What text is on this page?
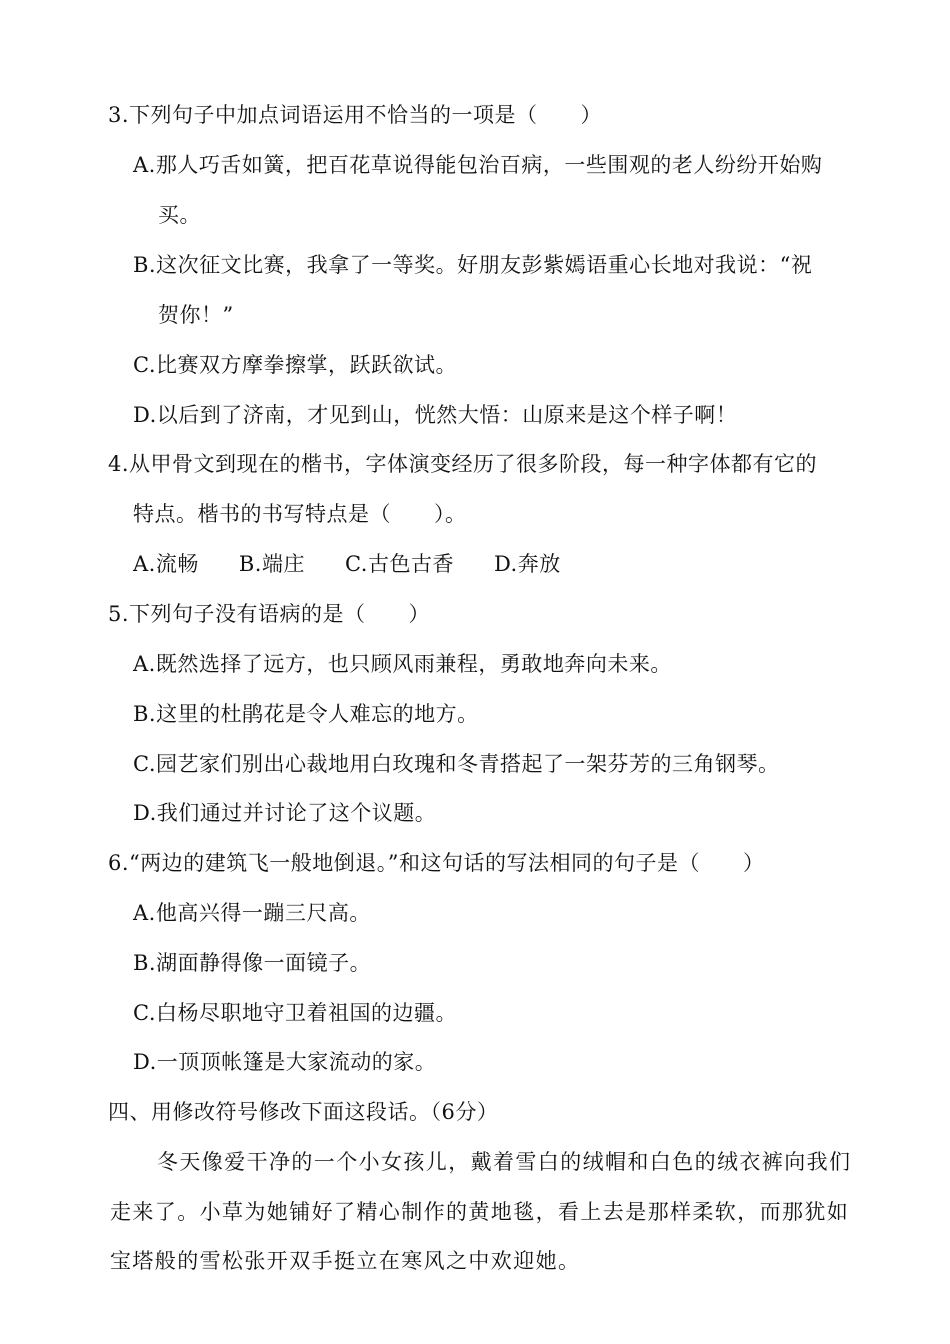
3.下列句子中加点词语运用不恰当的一项是（　　）
A.那人巧舌如簧，把百花草说得能包治百病，一些围观的老人纷纷开始购
买。
B.这次征文比赛，我拿了一等奖。好朋友彭紫嫣语重心长地对我说：“祝
贺你！”
C.比赛双方摩拳擦掌，跃跃欲试。
D.以后到了济南，才见到山，恍然大悟：山原来是这个样子啊！
4.从甲骨文到现在的楷书，字体演变经历了很多阶段，每一种字体都有它的
特点。楷书的书写特点是（　　）。
A.流畅 B.端庄 C.古色古香 D.奔放
5.下列句子没有语病的是（　　）
A.既然选择了远方，也只顾风雨兼程，勇敢地奔向未来。
B.这里的杜鹃花是令人难忘的地方。
C.园艺家们别出心裁地用白玫瑰和冬青搭起了一架芬芳的三角钢琴。
D.我们通过并讨论了这个议题。
6.“两边的建筑飞一般地倒退。”和这句话的写法相同的句子是（　　）
A.他高兴得一蹦三尺高。
B.湖面静得像一面镜子。
C.白杨尽职地守卫着祖国的边疆。
D.一顶顶帐篷是大家流动的家。
四、用修改符号修改下面这段话。（6分）
冬天像爱干净的一个小女孩儿，戴着雪白的绒帽和白色的绒衣裤向我们
走来了。小草为她铺好了精心制作的黄地毯，看上去是那样柔软，而那犹如
宝塔般的雪松张开双手挺立在寒风之中欢迎她。
